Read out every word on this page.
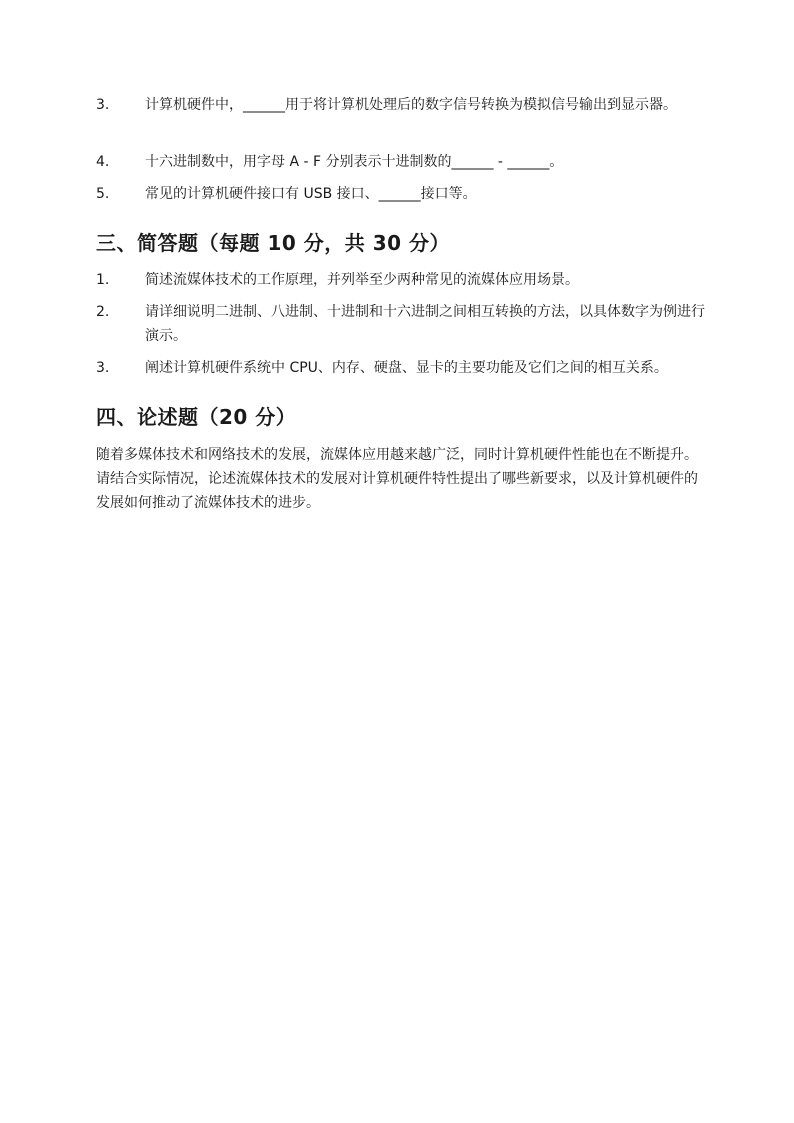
3.	计算机硬件中，______用于将计算机处理后的数字信号转换为模拟信号输出到显示器。
4.	十六进制数中，用字母 A - F 分别表示十进制数的______ - ______。
5.	常见的计算机硬件接口有 USB 接口、______接口等。
三、简答题（每题 10 分，共 30 分）
1.	简述流媒体技术的工作原理，并列举至少两种常见的流媒体应用场景。
2.	请详细说明二进制、八进制、十进制和十六进制之间相互转换的方法，以具体数字为例进行演示。
3.	阐述计算机硬件系统中 CPU、内存、硬盘、显卡的主要功能及它们之间的相互关系。
四、论述题（20 分）
随着多媒体技术和网络技术的发展，流媒体应用越来越广泛，同时计算机硬件性能也在不断提升。请结合实际情况，论述流媒体技术的发展对计算机硬件特性提出了哪些新要求，以及计算机硬件的发展如何推动了流媒体技术的进步。
